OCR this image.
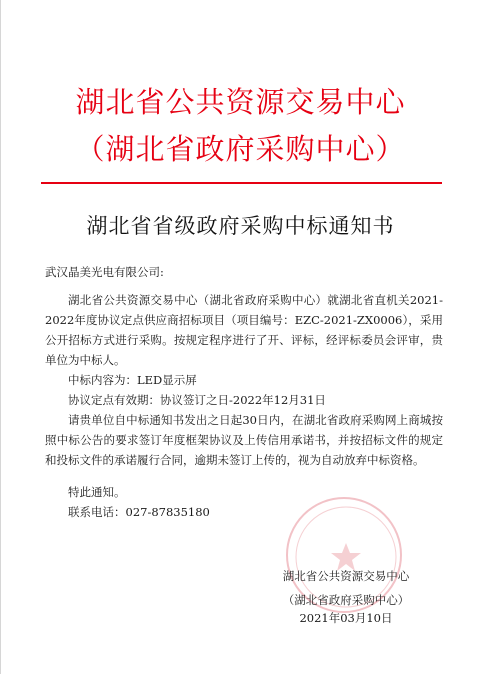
湖北省公共资源交易中心
（湖北省政府采购中心）
湖北省省级政府采购中标通知书
武汉晶美光电有限公司:
湖北省公共资源交易中心（湖北省政府采购中心）就湖北省直机关2021-2022年度协议定点供应商招标项目（项目编号：EZC-2021-ZX0006），采用公开招标方式进行采购。按规定程序进行了开、评标，经评标委员会评审，贵单位为中标人。
中标内容为：LED显示屏
协议定点有效期：协议签订之日-2022年12月31日
请贵单位自中标通知书发出之日起30日内，在湖北省政府采购网上商城按照中标公告的要求签订年度框架协议及上传信用承诺书，并按招标文件的规定和投标文件的承诺履行合同，逾期未签订上传的，视为自动放弃中标资格。
特此通知。
联系电话：027-87835180
湖北省公共资源交易中心
（湖北省政府采购中心）
2021年03月10日
